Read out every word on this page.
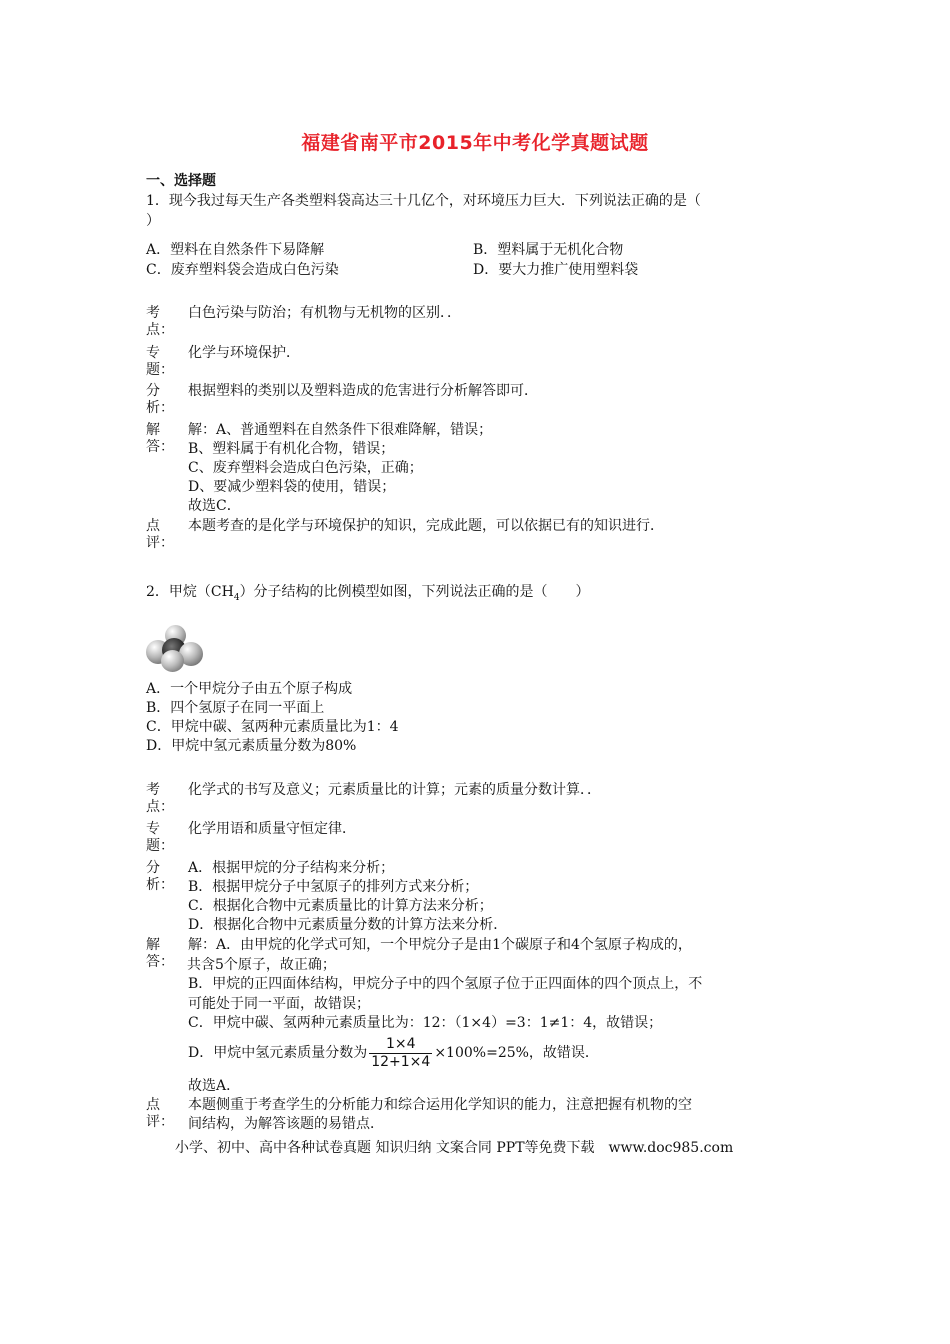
福建省南平市2015年中考化学真题试题
一、选择题
1．现今我过每天生产各类塑料袋高达三十几亿个，对环境压力巨大．下列说法正确的是（
）
A．塑料在自然条件下易降解	B．塑料属于无机化合物
C．废弃塑料袋会造成白色污染	D．要大力推广使用塑料袋
考
点：
白色污染与防治；有机物与无机物的区别．．
专
题：
化学与环境保护．
分
析：
根据塑料的类别以及塑料造成的危害进行分析解答即可．
解
答：
解：A、普通塑料在自然条件下很难降解，错误；
B、塑料属于有机化合物，错误；
C、废弃塑料会造成白色污染，正确；
D、要减少塑料袋的使用，错误；
故选C．
点
评：
本题考查的是化学与环境保护的知识，完成此题，可以依据已有的知识进行．
2．甲烷$(CH_4)$分子结构的比例模型如图，下列说法正确的是（　　）
A．一个甲烷分子由五个原子构成
B．四个氢原子在同一平面上
C．甲烷中碳、氢两种元素质量比为1：4
D．甲烷中氢元素质量分数为80%
考
点：
化学式的书写及意义；元素质量比的计算；元素的质量分数计算．．
专
题：
化学用语和质量守恒定律．
分
析：
A．根据甲烷的分子结构来分析；
B．根据甲烷分子中氢原子的排列方式来分析；
C．根据化合物中元素质量比的计算方法来分析；
D．根据化合物中元素质量分数的计算方法来分析．
解
答：
解：A．由甲烷的化学式可知，一个甲烷分子是由1个碳原子和4个氢原子构成的，
共含5个原子，故正确；
B．甲烷的正四面体结构，甲烷分子中的四个氢原子位于正四面体的四个顶点上，不
可能处于同一平面，故错误；
C．甲烷中碳、氢两种元素质量比为：12：（1×4）=3：1≠1：4，故错误；
D．甲烷中氢元素质量分数为 $\frac{1\times 4}{12+1\times 4} \times 100\%=25\%$，故错误．
故选A．
点
评：
本题侧重于考查学生的分析能力和综合运用化学知识的能力，注意把握有机物的空
间结构，为解答该题的易错点．
小学、初中、高中各种试卷真题 知识归纳 文案合同 PPT等免费下载　www.doc985.com
